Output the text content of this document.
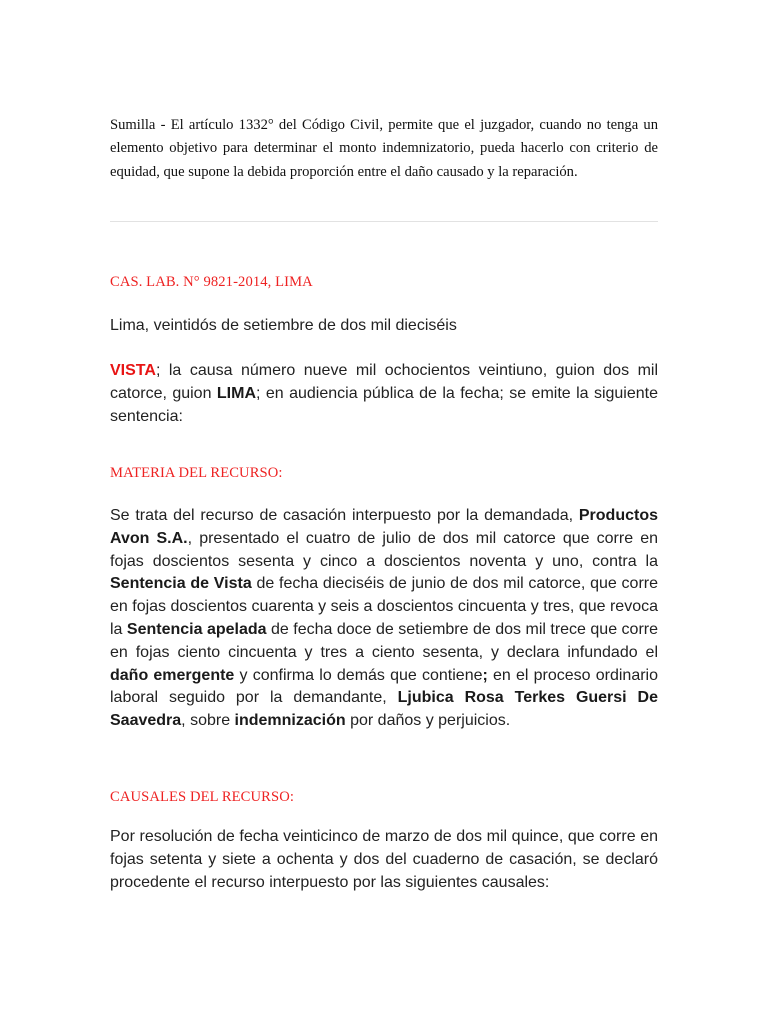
Sumilla - El artículo 1332° del Código Civil, permite que el juzgador, cuando no tenga un elemento objetivo para determinar el monto indemnizatorio, pueda hacerlo con criterio de equidad, que supone la debida proporción entre el daño causado y la reparación.

CAS. LAB. N° 9821-2014, LIMA

Lima, veintidós de setiembre de dos mil dieciséis

VISTA; la causa número nueve mil ochocientos veintiuno, guion dos mil catorce, guion LIMA; en audiencia pública de la fecha; se emite la siguiente sentencia:

MATERIA DEL RECURSO:

Se trata del recurso de casación interpuesto por la demandada, Productos Avon S.A., presentado el cuatro de julio de dos mil catorce que corre en fojas doscientos sesenta y cinco a doscientos noventa y uno, contra la Sentencia de Vista de fecha dieciséis de junio de dos mil catorce, que corre en fojas doscientos cuarenta y seis a doscientos cincuenta y tres, que revoca la Sentencia apelada de fecha doce de setiembre de dos mil trece que corre en fojas ciento cincuenta y tres a ciento sesenta, y declara infundado el daño emergente y confirma lo demás que contiene; en el proceso ordinario laboral seguido por la demandante, Ljubica Rosa Terkes Guersi De Saavedra, sobre indemnización por daños y perjuicios.

CAUSALES DEL RECURSO:

Por resolución de fecha veinticinco de marzo de dos mil quince, que corre en fojas setenta y siete a ochenta y dos del cuaderno de casación, se declaró procedente el recurso interpuesto por las siguientes causales:
